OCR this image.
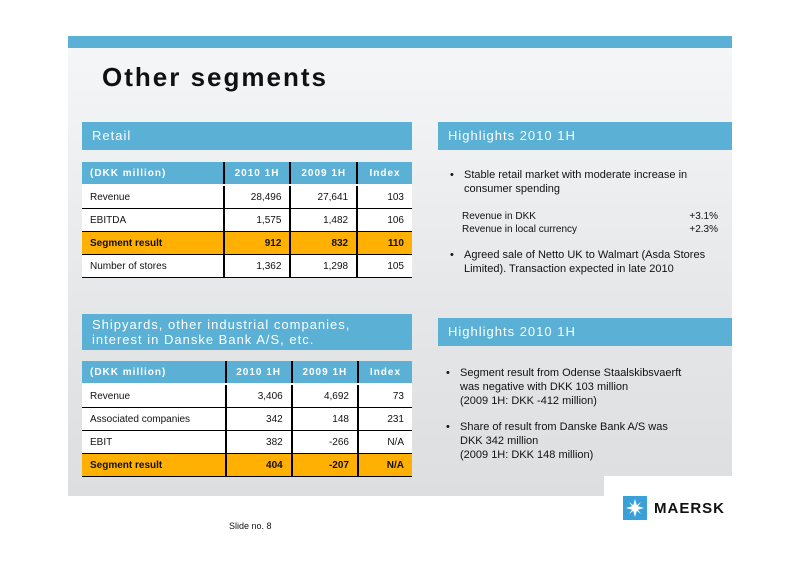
Other segments
Retail
(DKK million)	2010 1H	2009 1H	Index
Revenue	28,496	27,641	103
EBITDA	1,575	1,482	106
Segment result	912	832	110
Number of stores	1,362	1,298	105
Highlights 2010 1H

• Stable retail market with moderate increase in consumer spending

Revenue in DKK	+3.1%
Revenue in local currency	+2.3%

• Agreed sale of Netto UK to Walmart (Asda Stores Limited). Transaction expected in late 2010

Shipyards, other industrial companies,
interest in Danske Bank A/S, etc.
(DKK million)	2010 1H	2009 1H	Index
Revenue	3,406	4,692	73
Associated companies	342	148	231
EBIT	382	-266	N/A
Segment result	404	-207	N/A
Highlights 2010 1H
• Segment result from Odense Staalskibsvaerft
was negative with DKK 103 million
(2009 1H: DKK -412 million)
• Share of result from Danske Bank A/S was
DKK 342 million
(2009 1H: DKK 148 million)
Slide no. 8
MAERSK
